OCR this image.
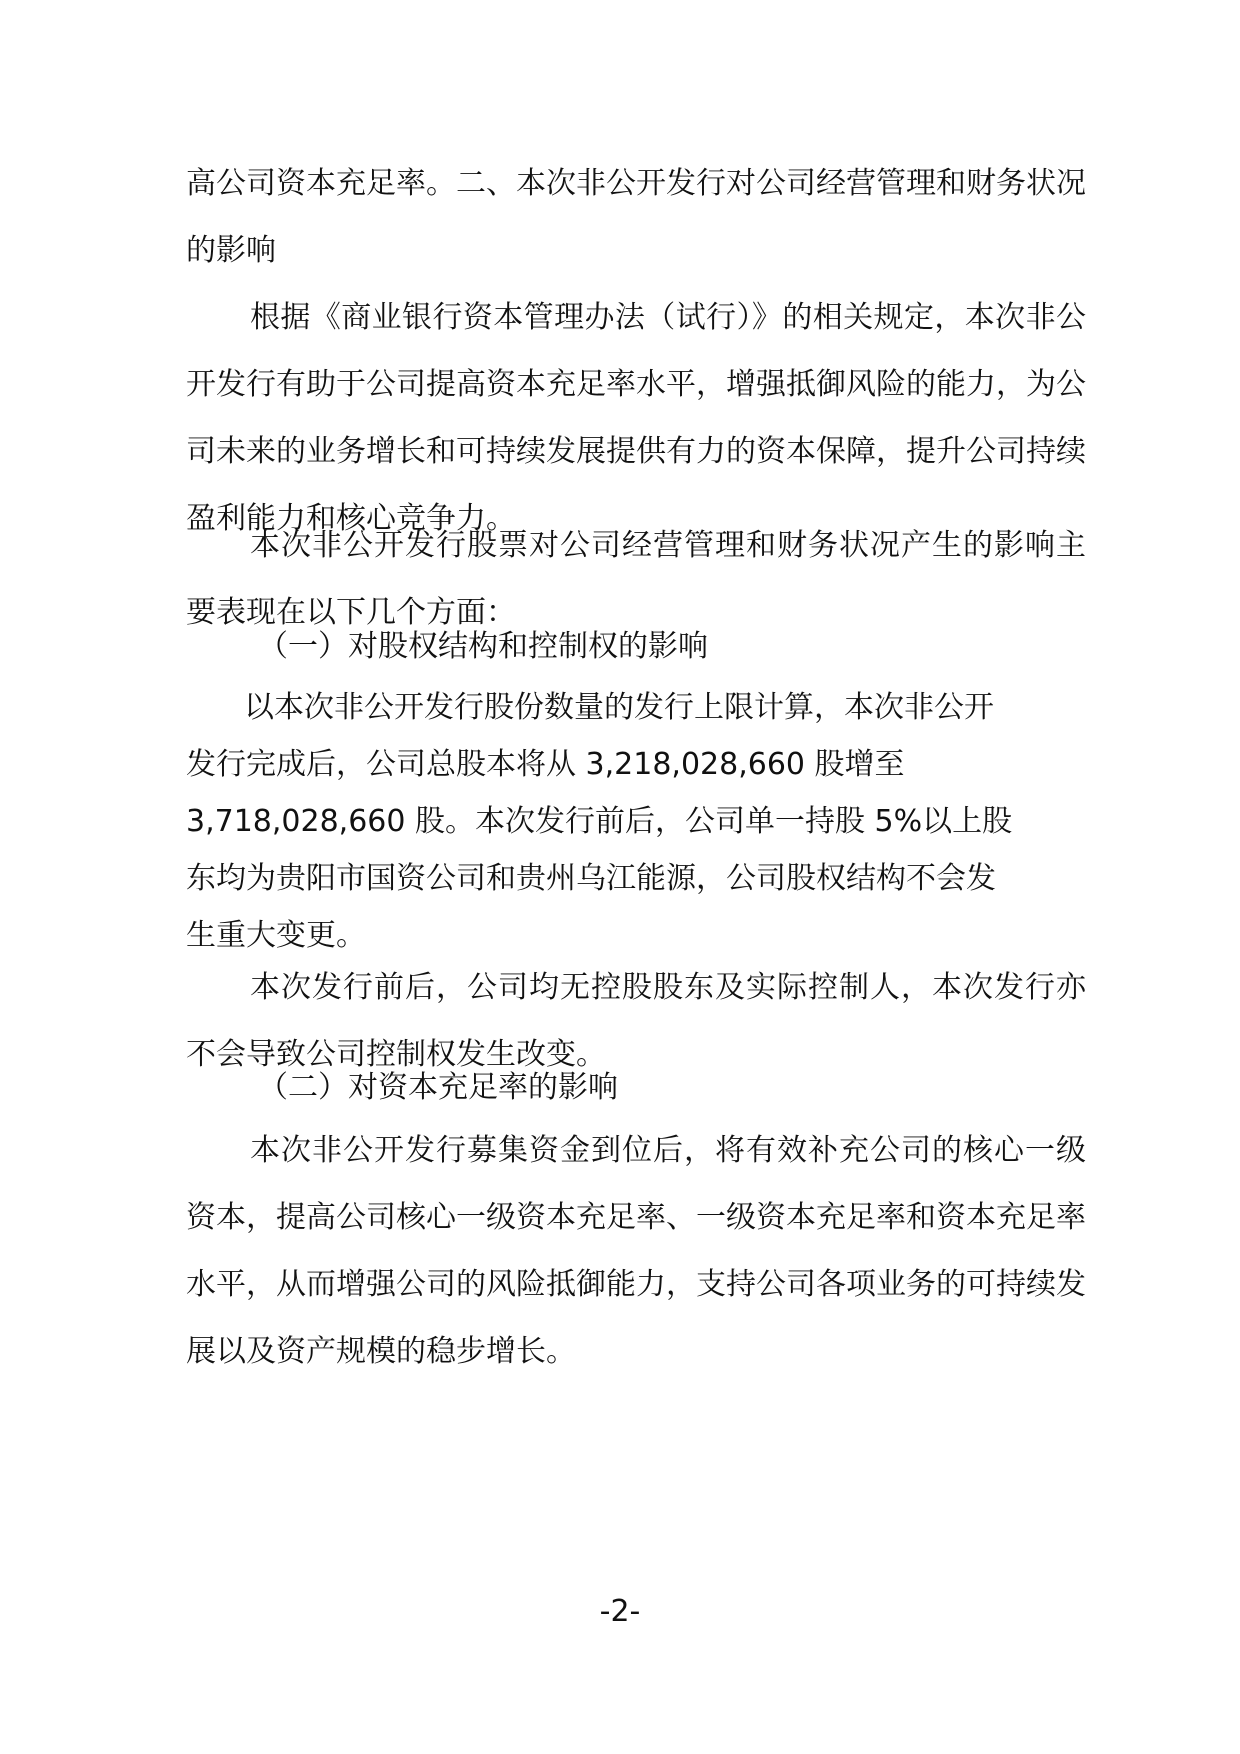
高公司资本充足率。二、本次非公开发行对公司经营管理和财务状况的影响

根据《商业银行资本管理办法（试行）》的相关规定，本次非公开发行有助于公司提高资本充足率水平，增强抵御风险的能力，为公司未来的业务增长和可持续发展提供有力的资本保障，提升公司持续盈利能力和核心竞争力。

本次非公开发行股票对公司经营管理和财务状况产生的影响主要表现在以下几个方面：

（一）对股权结构和控制权的影响

以本次非公开发行股份数量的发行上限计算，本次非公开

发行完成后，公司总股本将从 3,218,028,660 股增至

3,718,028,660 股。本次发行前后，公司单一持股 5%以上股

东均为贵阳市国资公司和贵州乌江能源，公司股权结构不会发

生重大变更。

本次发行前后，公司均无控股股东及实际控制人，本次发行亦不会导致公司控制权发生改变。

（二）对资本充足率的影响

本次非公开发行募集资金到位后，将有效补充公司的核心一级资本，提高公司核心一级资本充足率、一级资本充足率和资本充足率水平，从而增强公司的风险抵御能力，支持公司各项业务的可持续发展以及资产规模的稳步增长。

-2-
